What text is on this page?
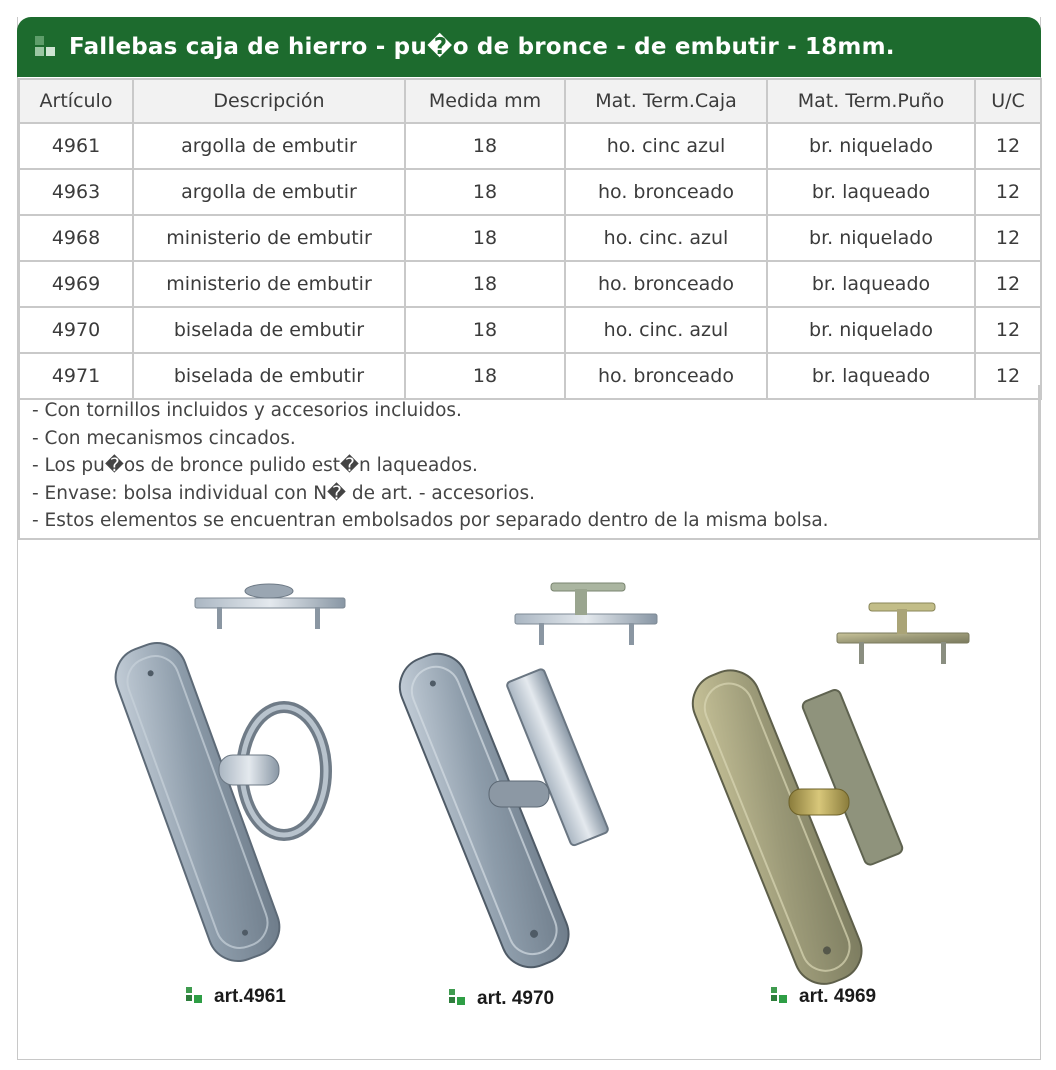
Fallebas caja de hierro - pu�o de bronce - de embutir - 18mm.
Artículo	Descripción	Medida mm	Mat. Term.Caja	Mat. Term.Puño	U/C
4961	argolla de embutir	18	ho. cinc azul	br. niquelado	12
4963	argolla de embutir	18	ho. bronceado	br. laqueado	12
4968	ministerio de embutir	18	ho. cinc. azul	br. niquelado	12
4969	ministerio de embutir	18	ho. bronceado	br. laqueado	12
4970	biselada de embutir	18	ho. cinc. azul	br. niquelado	12
4971	biselada de embutir	18	ho. bronceado	br. laqueado	12
- Con tornillos incluidos y accesorios incluidos.
- Con mecanismos cincados.
- Los pu�os de bronce pulido est�n laqueados.
- Envase: bolsa individual con N� de art. - accesorios.
- Estos elementos se encuentran embolsados por separado dentro de la misma bolsa.
art.4961	art. 4970	art. 4969
